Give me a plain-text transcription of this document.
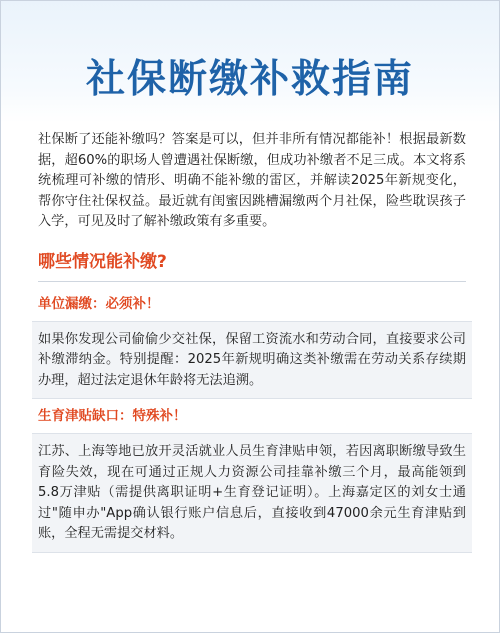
社保断缴补救指南

社保断了还能补缴吗？答案是可以，但并非所有情况都能补！根据最新数据，超60%的职场人曾遭遇社保断缴，但成功补缴者不足三成。本文将系统梳理可补缴的情形、明确不能补缴的雷区，并解读2025年新规变化，帮你守住社保权益。最近就有闺蜜因跳槽漏缴两个月社保，险些耽误孩子入学，可见及时了解补缴政策有多重要。

哪些情况能补缴?
单位漏缴：必须补！

如果你发现公司偷偷少交社保，保留工资流水和劳动合同，直接要求公司补缴滞纳金。特别提醒：2025年新规明确这类补缴需在劳动关系存续期办理，超过法定退休年龄将无法追溯。

生育津贴缺口：特殊补！

江苏、上海等地已放开灵活就业人员生育津贴申领，若因离职断缴导致生育险失效，现在可通过正规人力资源公司挂靠补缴三个月，最高能领到5.8万津贴（需提供离职证明+生育登记证明）。上海嘉定区的刘女士通过"随申办"App确认银行账户信息后，直接收到47000余元生育津贴到账，全程无需提交材料。
